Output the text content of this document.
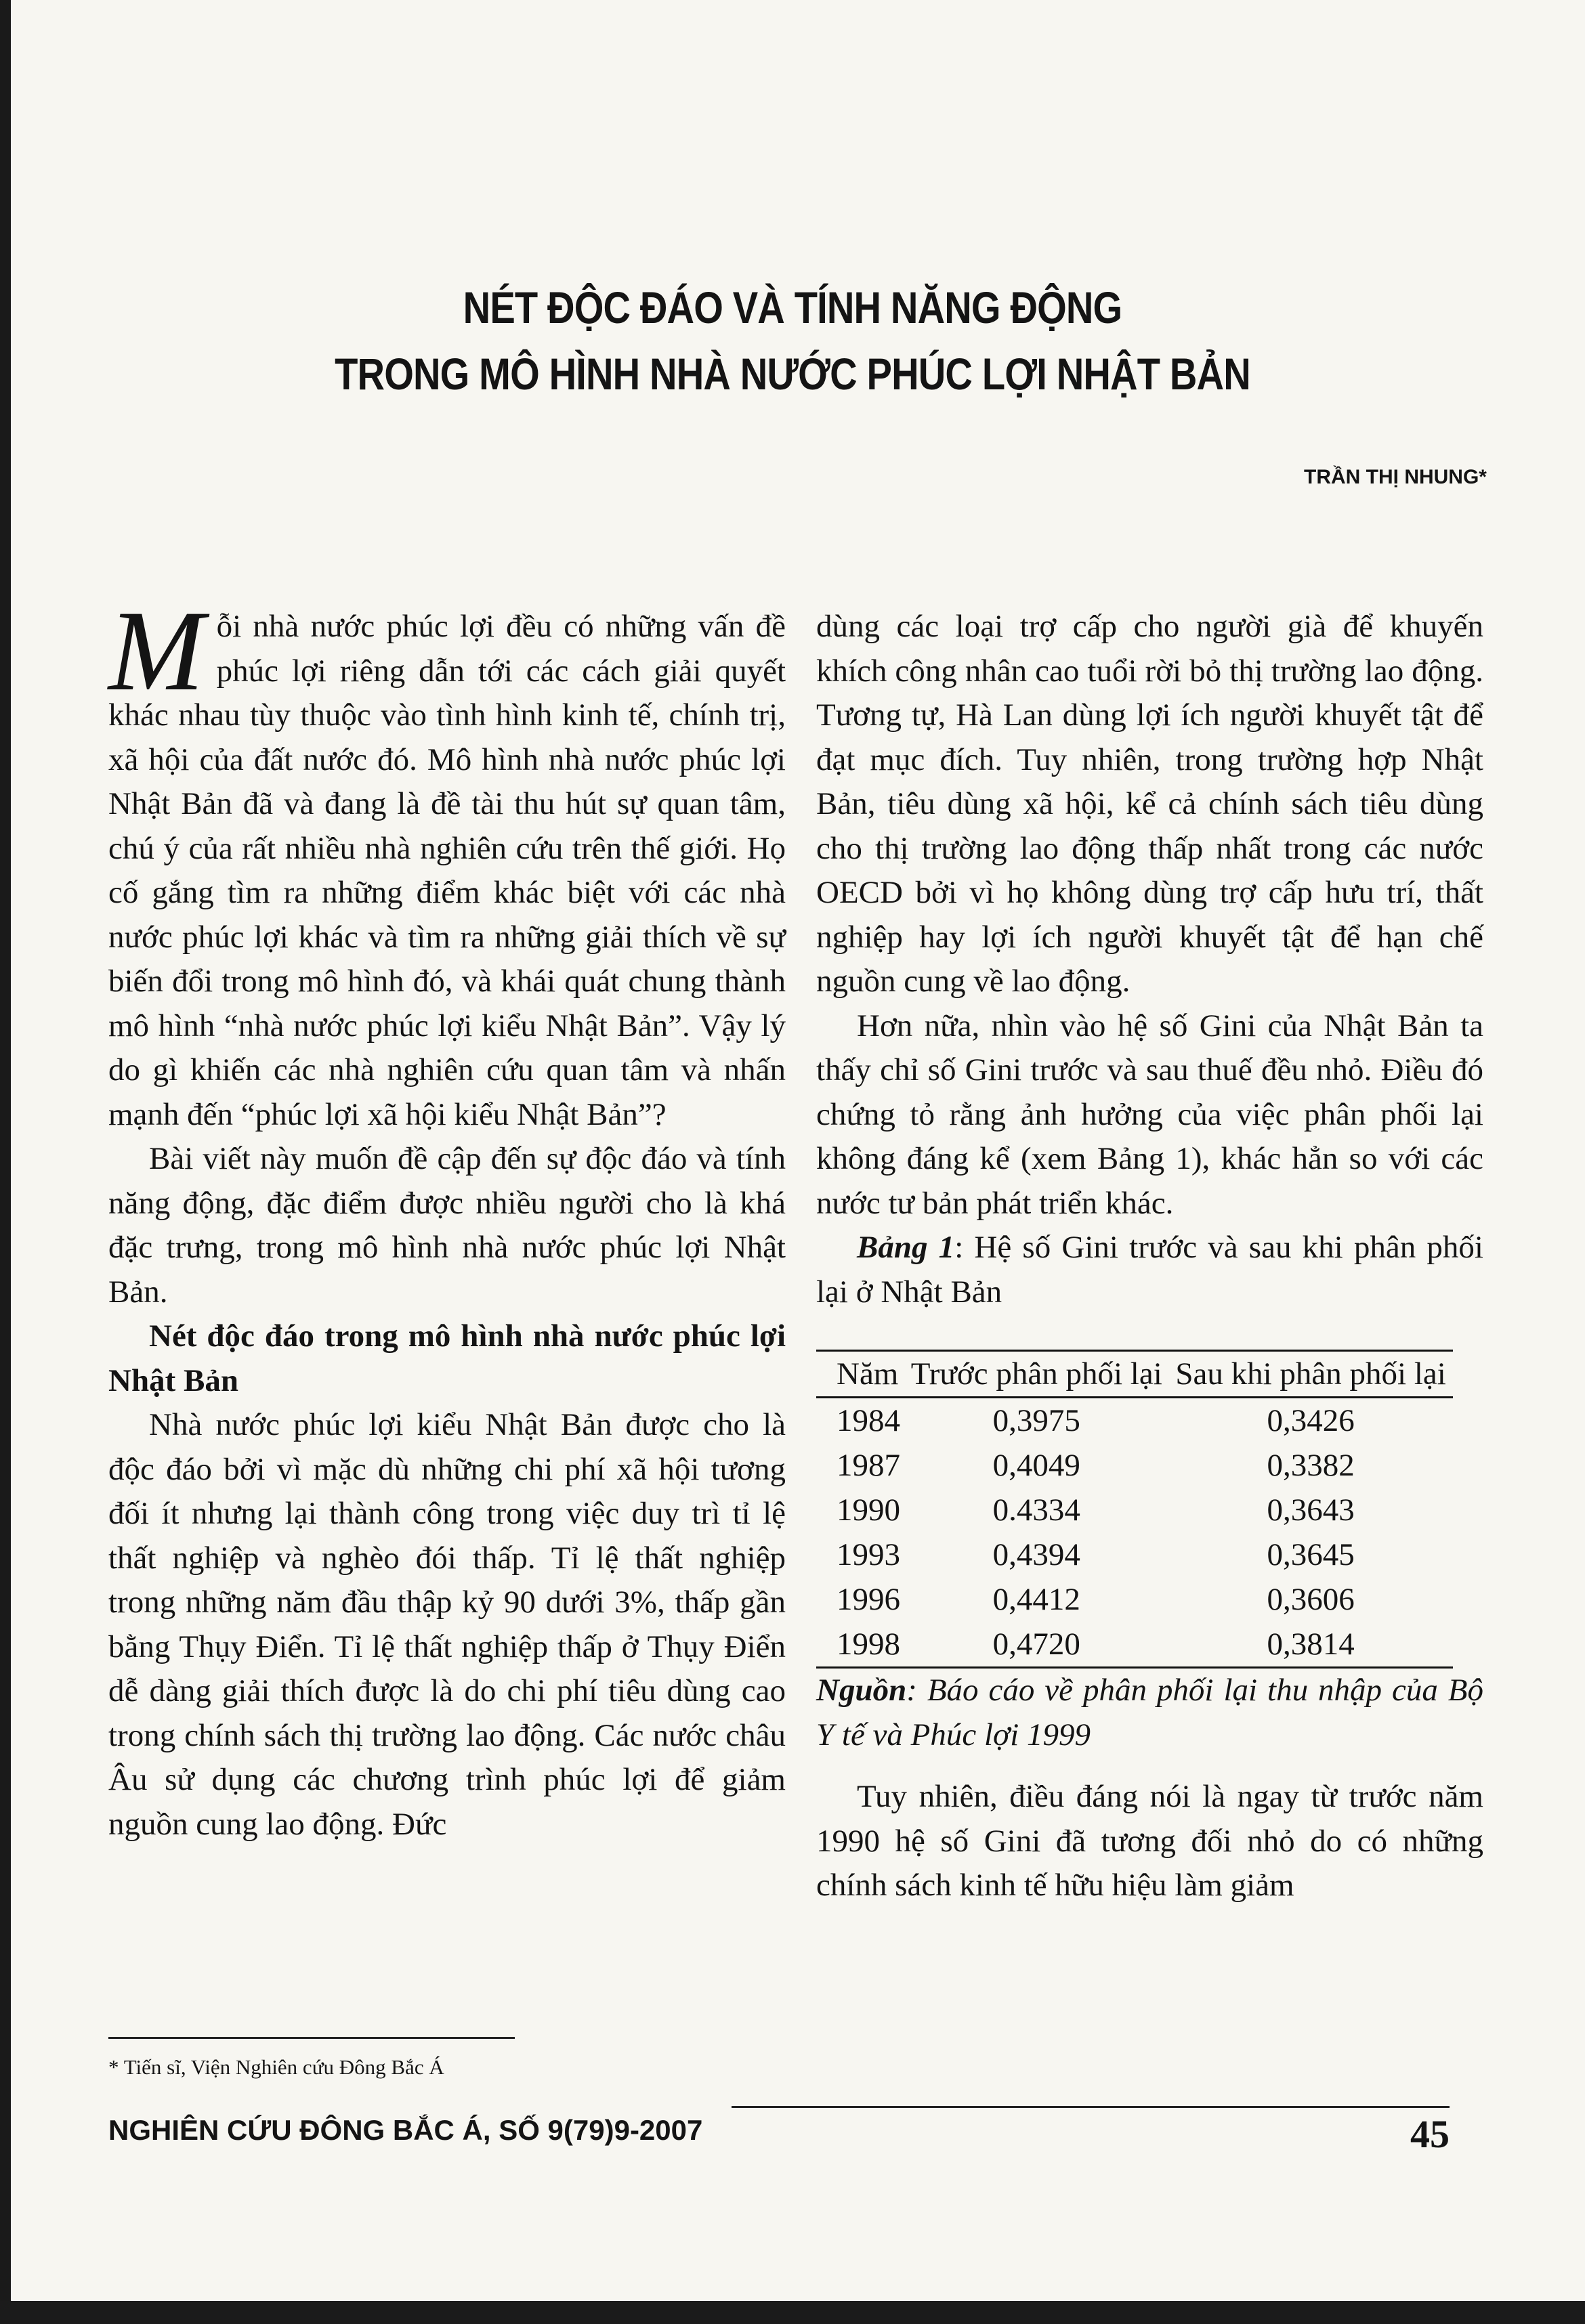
NÉT ĐỘC ĐÁO VÀ TÍNH NĂNG ĐỘNG
TRONG MÔ HÌNH NHÀ NƯỚC PHÚC LỢI NHẬT BẢN
TRẦN THỊ NHUNG*

Mỗi nhà nước phúc lợi đều có những vấn đề phúc lợi riêng dẫn tới các cách giải quyết khác nhau tùy thuộc vào tình hình kinh tế, chính trị, xã hội của đất nước đó. Mô hình nhà nước phúc lợi Nhật Bản đã và đang là đề tài thu hút sự quan tâm, chú ý của rất nhiều nhà nghiên cứu trên thế giới. Họ cố gắng tìm ra những điểm khác biệt với các nhà nước phúc lợi khác và tìm ra những giải thích về sự biến đổi trong mô hình đó, và khái quát chung thành mô hình “nhà nước phúc lợi kiểu Nhật Bản”. Vậy lý do gì khiến các nhà nghiên cứu quan tâm và nhấn mạnh đến “phúc lợi xã hội kiểu Nhật Bản”?

Bài viết này muốn đề cập đến sự độc đáo và tính năng động, đặc điểm được nhiều người cho là khá đặc trưng, trong mô hình nhà nước phúc lợi Nhật Bản.

Nét độc đáo trong mô hình nhà nước phúc lợi Nhật Bản

Nhà nước phúc lợi kiểu Nhật Bản được cho là độc đáo bởi vì mặc dù những chi phí xã hội tương đối ít nhưng lại thành công trong việc duy trì tỉ lệ thất nghiệp và nghèo đói thấp. Tỉ lệ thất nghiệp trong những năm đầu thập kỷ 90 dưới 3%, thấp gần bằng Thụy Điển. Tỉ lệ thất nghiệp thấp ở Thụy Điển dễ dàng giải thích được là do chi phí tiêu dùng cao trong chính sách thị trường lao động. Các nước châu Âu sử dụng các chương trình phúc lợi để giảm nguồn cung lao động. Đức

dùng các loại trợ cấp cho người già để khuyến khích công nhân cao tuổi rời bỏ thị trường lao động. Tương tự, Hà Lan dùng lợi ích người khuyết tật để đạt mục đích. Tuy nhiên, trong trường hợp Nhật Bản, tiêu dùng xã hội, kể cả chính sách tiêu dùng cho thị trường lao động thấp nhất trong các nước OECD bởi vì họ không dùng trợ cấp hưu trí, thất nghiệp hay lợi ích người khuyết tật để hạn chế nguồn cung về lao động.

Hơn nữa, nhìn vào hệ số Gini của Nhật Bản ta thấy chỉ số Gini trước và sau thuế đều nhỏ. Điều đó chứng tỏ rằng ảnh hưởng của việc phân phối lại không đáng kể (xem Bảng 1), khác hẳn so với các nước tư bản phát triển khác.

Bảng 1: Hệ số Gini trước và sau khi phân phối lại ở Nhật Bản

Năm	Trước phân phối lại	Sau khi phân phối lại
1984	0,3975	0,3426
1987	0,4049	0,3382
1990	0.4334	0,3643
1993	0,4394	0,3645
1996	0,4412	0,3606
1998	0,4720	0,3814

Nguồn: Báo cáo về phân phối lại thu nhập của Bộ Y tế và Phúc lợi 1999

Tuy nhiên, điều đáng nói là ngay từ trước năm 1990 hệ số Gini đã tương đối nhỏ do có những chính sách kinh tế hữu hiệu làm giảm

* Tiến sĩ, Viện Nghiên cứu Đông Bắc Á
NGHIÊN CỨU ĐÔNG BẮC Á, SỐ 9(79)9-2007	45
